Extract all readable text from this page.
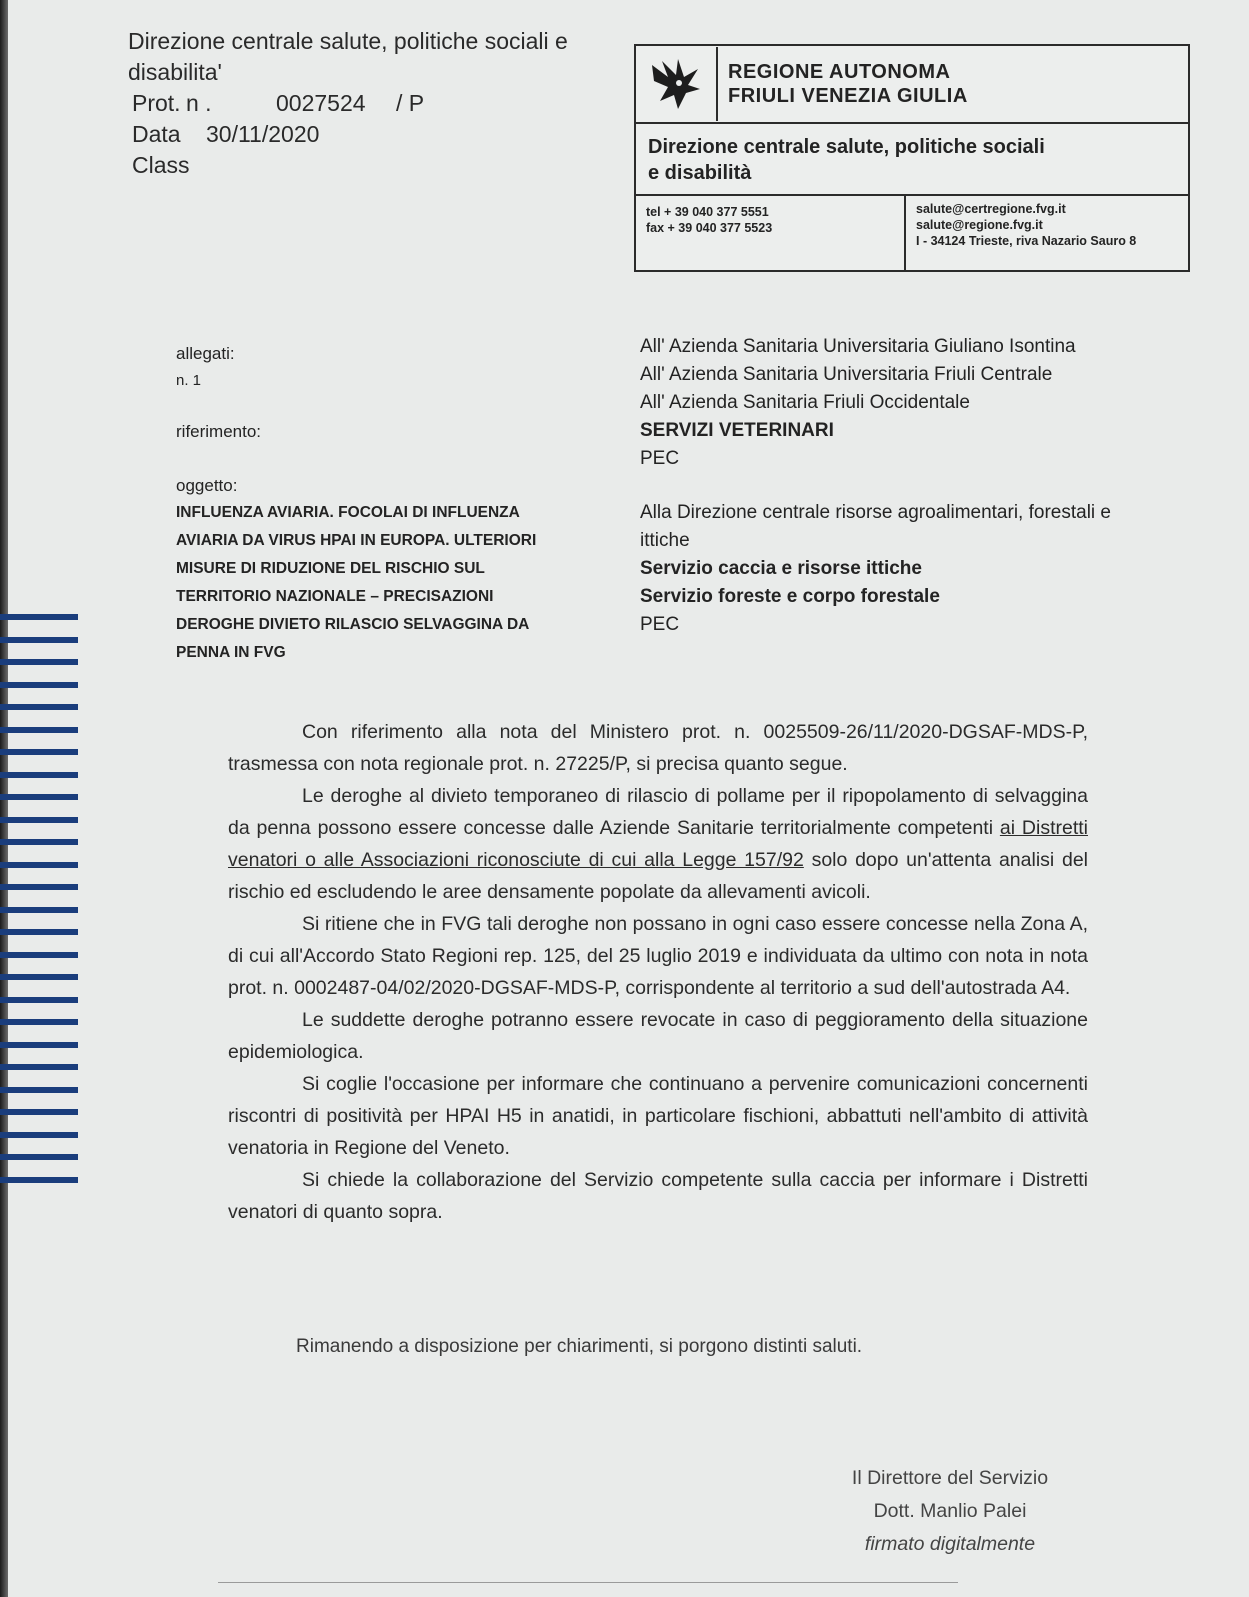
Direzione centrale salute, politiche sociali e
disabilita'
Prot. n .	0027524	/ P
Data	30/11/2020
Class
REGIONE AUTONOMA
FRIULI VENEZIA GIULIA
Direzione centrale salute, politiche sociali
e disabilità
tel + 39 040 377 5551
fax + 39 040 377 5523
salute@certregione.fvg.it
salute@regione.fvg.it
I - 34124 Trieste, riva Nazario Sauro 8
allegati:
n. 1
riferimento:
oggetto:
INFLUENZA AVIARIA. FOCOLAI DI INFLUENZA
AVIARIA DA VIRUS HPAI IN EUROPA. ULTERIORI
MISURE DI RIDUZIONE DEL RISCHIO SUL
TERRITORIO NAZIONALE – PRECISAZIONI
DEROGHE DIVIETO RILASCIO SELVAGGINA DA
PENNA IN FVG
All' Azienda Sanitaria Universitaria Giuliano Isontina
All' Azienda Sanitaria Universitaria Friuli Centrale
All' Azienda Sanitaria Friuli Occidentale
SERVIZI VETERINARI
PEC
Alla Direzione centrale risorse agroalimentari, forestali e ittiche
Servizio caccia e risorse ittiche
Servizio foreste e corpo forestale
PEC

Con riferimento alla nota del Ministero prot. n. 0025509-26/11/2020-DGSAF-MDS-P, trasmessa con nota regionale prot. n. 27225/P, si precisa quanto segue.

Le deroghe al divieto temporaneo di rilascio di pollame per il ripopolamento di selvaggina da penna possono essere concesse dalle Aziende Sanitarie territorialmente competenti ai Distretti venatori o alle Associazioni riconosciute di cui alla Legge 157/92 solo dopo un'attenta analisi del rischio ed escludendo le aree densamente popolate da allevamenti avicoli.

Si ritiene che in FVG tali deroghe non possano in ogni caso essere concesse nella Zona A, di cui all'Accordo Stato Regioni rep. 125, del 25 luglio 2019 e individuata da ultimo con nota in nota prot. n. 0002487-04/02/2020-DGSAF-MDS-P, corrispondente al territorio a sud dell'autostrada A4.

Le suddette deroghe potranno essere revocate in caso di peggioramento della situazione epidemiologica.

Si coglie l'occasione per informare che continuano a pervenire comunicazioni concernenti riscontri di positività per HPAI H5 in anatidi, in particolare fischioni, abbattuti nell'ambito di attività venatoria in Regione del Veneto.

Si chiede la collaborazione del Servizio competente sulla caccia per informare i Distretti venatori di quanto sopra.

Rimanendo a disposizione per chiarimenti, si porgono distinti saluti.
Il Direttore del Servizio
Dott. Manlio Palei
firmato digitalmente
